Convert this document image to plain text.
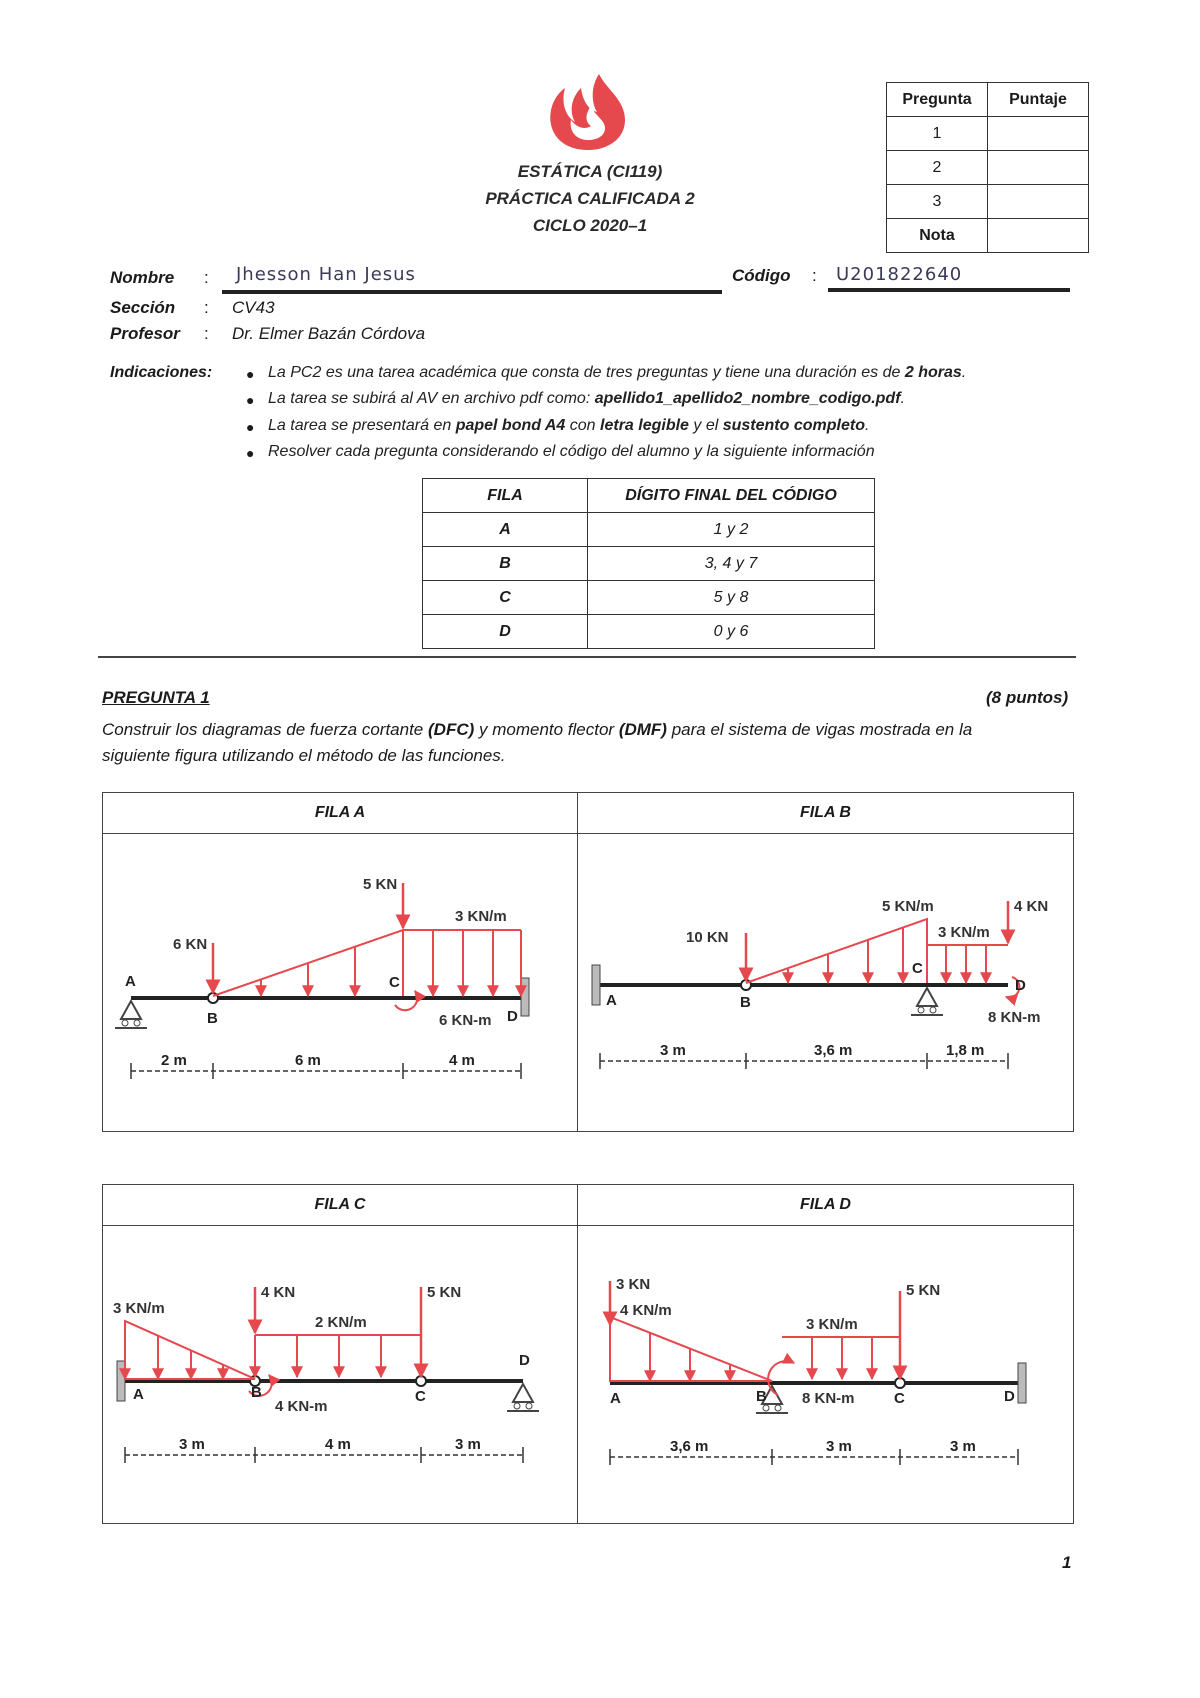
ESTÁTICA (CI119)
PRÁCTICA CALIFICADA 2
CICLO 2020–1
Pregunta	Puntaje
1	
2	
3	
Nota	
Nombre : Jhesson Han Jesus	Código : U201822640
Sección : CV43
Profesor : Dr. Elmer Bazán Córdova
Indicaciones: ● La PC2 es una tarea académica que consta de tres preguntas y tiene una duración es de 2 horas.
● La tarea se subirá al AV en archivo pdf como: apellido1_apellido2_nombre_codigo.pdf.
● La tarea se presentará en papel bond A4 con letra legible y el sustento completo.
● Resolver cada pregunta considerando el código del alumno y la siguiente información
FILA	DÍGITO FINAL DEL CÓDIGO
A	1 y 2
B	3, 4 y 7
C	5 y 8
D	0 y 6
PREGUNTA 1	(8 puntos)
Construir los diagramas de fuerza cortante (DFC) y momento flector (DMF) para el sistema de vigas mostrada en la
siguiente figura utilizando el método de las funciones.
FILA A
6 KN
5 KN
3 KN/m
6 KN-m
A
B
C
D
2 m	6 m	4 m
FILA B
10 KN
5 KN/m
3 KN/m
4 KN
8 KN-m
A	B
C
D
3 m	3,6 m	1,8 m
FILA C
3 KN/m
4 KN
2 KN/m
5 KN
4 KN-m
A	B	C
D
3 m	4 m	3 m
FILA D
3 KN
4 KN/m
3 KN/m
5 KN
8 KN-m
A	B	C	D
3,6 m	3 m	3 m
1
